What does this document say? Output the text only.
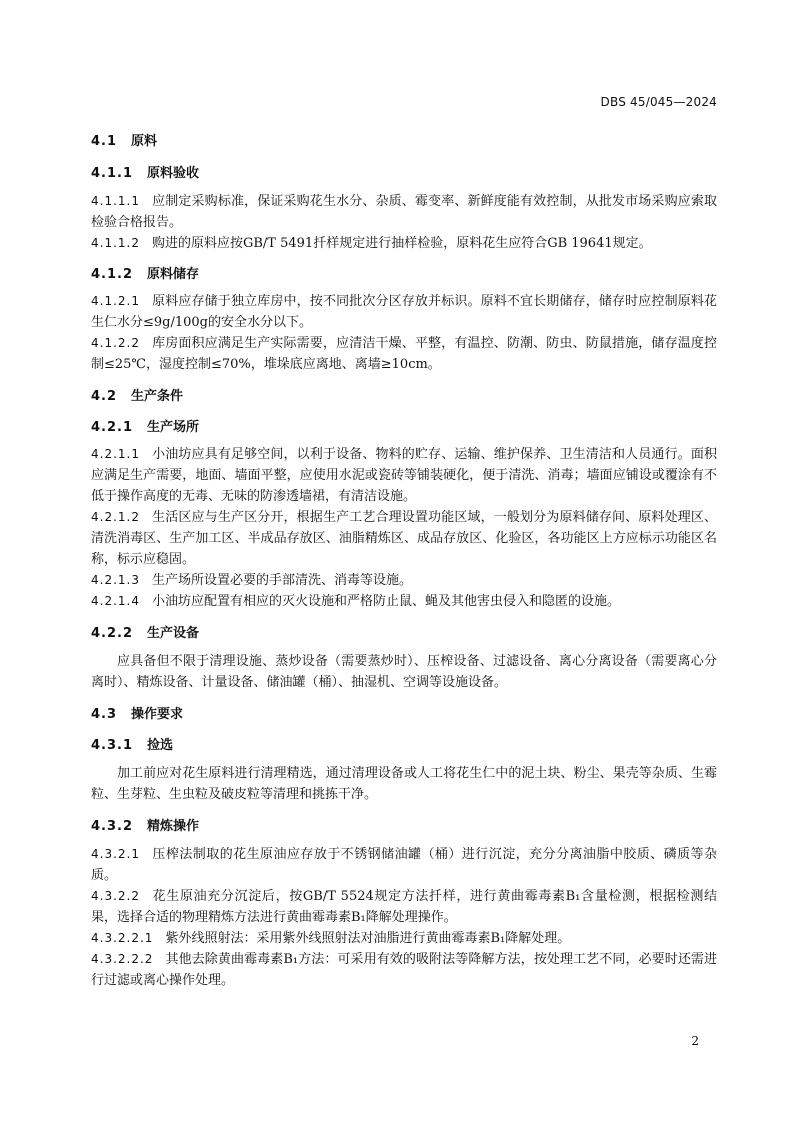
DBS 45/045—2024
4.1 原料
4.1.1 原料验收

4.1.1.1 应制定采购标准，保证采购花生水分、杂质、霉变率、新鲜度能有效控制，从批发市场采购应索取检验合格报告。

4.1.1.2 购进的原料应按GB/T 5491扦样规定进行抽样检验，原料花生应符合GB 19641规定。

4.1.2 原料储存

4.1.2.1 原料应存储于独立库房中，按不同批次分区存放并标识。原料不宜长期储存，储存时应控制原料花生仁水分≤9g/100g的安全水分以下。

4.1.2.2 库房面积应满足生产实际需要，应清洁干燥、平整，有温控、防潮、防虫、防鼠措施，储存温度控制≤25℃，湿度控制≤70%，堆垛底应离地、离墙≥10cm。

4.2 生产条件
4.2.1 生产场所

4.2.1.1 小油坊应具有足够空间，以利于设备、物料的贮存、运输、维护保养、卫生清洁和人员通行。面积应满足生产需要，地面、墙面平整，应使用水泥或瓷砖等铺装硬化，便于清洗、消毒；墙面应铺设或覆涂有不低于操作高度的无毒、无味的防渗透墙裙，有清洁设施。

4.2.1.2 生活区应与生产区分开，根据生产工艺合理设置功能区域，一般划分为原料储存间、原料处理区、清洗消毒区、生产加工区、半成品存放区、油脂精炼区、成品存放区、化验区，各功能区上方应标示功能区名称，标示应稳固。

4.2.1.3 生产场所设置必要的手部清洗、消毒等设施。

4.2.1.4 小油坊应配置有相应的灭火设施和严格防止鼠、蝇及其他害虫侵入和隐匿的设施。

4.2.2 生产设备

应具备但不限于清理设施、蒸炒设备（需要蒸炒时）、压榨设备、过滤设备、离心分离设备（需要离心分离时）、精炼设备、计量设备、储油罐（桶）、抽湿机、空调等设施设备。

4.3 操作要求
4.3.1 捡选

加工前应对花生原料进行清理精选，通过清理设备或人工将花生仁中的泥土块、粉尘、果壳等杂质、生霉粒、生芽粒、生虫粒及破皮粒等清理和挑拣干净。

4.3.2 精炼操作

4.3.2.1 压榨法制取的花生原油应存放于不锈钢储油罐（桶）进行沉淀，充分分离油脂中胶质、磷质等杂质。

4.3.2.2 花生原油充分沉淀后，按GB/T 5524规定方法扦样，进行黄曲霉毒素B₁含量检测，根据检测结果，选择合适的物理精炼方法进行黄曲霉毒素B₁降解处理操作。

4.3.2.2.1 紫外线照射法：采用紫外线照射法对油脂进行黄曲霉毒素B₁降解处理。

4.3.2.2.2 其他去除黄曲霉毒素B₁方法：可采用有效的吸附法等降解方法，按处理工艺不同，必要时还需进行过滤或离心操作处理。

2
